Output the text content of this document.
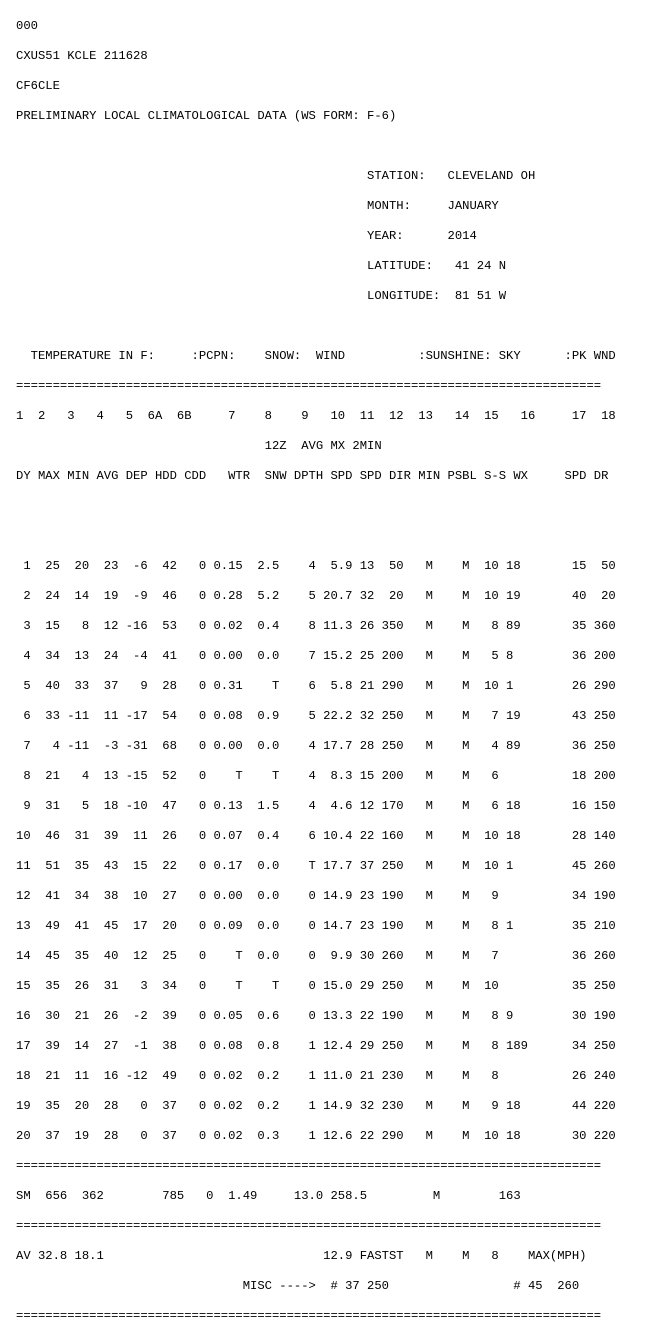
000

CXUS51 KCLE 211628

CF6CLE

PRELIMINARY LOCAL CLIMATOLOGICAL DATA (WS FORM: F-6)

STATION:   CLEVELAND OH

MONTH:     JANUARY

YEAR:      2014

LATITUDE:   41 24 N

LONGITUDE:  81 51 W

TEMPERATURE IN F:     :PCPN:    SNOW:  WIND          :SUNSHINE: SKY      :PK WND

================================================================================

1  2   3   4   5  6A  6B     7    8    9   10  11  12  13   14  15   16     17  18

12Z  AVG MX 2MIN

DY MAX MIN AVG DEP HDD CDD   WTR  SNW DPTH SPD SPD DIR MIN PSBL S-S WX     SPD DR

1  25  20  23  -6  42   0 0.15  2.5    4  5.9 13  50   M    M  10 18       15  50

2  24  14  19  -9  46   0 0.28  5.2    5 20.7 32  20   M    M  10 19       40  20

3  15   8  12 -16  53   0 0.02  0.4    8 11.3 26 350   M    M   8 89       35 360

4  34  13  24  -4  41   0 0.00  0.0    7 15.2 25 200   M    M   5 8        36 200

5  40  33  37   9  28   0 0.31    T    6  5.8 21 290   M    M  10 1        26 290

6  33 -11  11 -17  54   0 0.08  0.9    5 22.2 32 250   M    M   7 19       43 250

7   4 -11  -3 -31  68   0 0.00  0.0    4 17.7 28 250   M    M   4 89       36 250

8  21   4  13 -15  52   0    T    T    4  8.3 15 200   M    M   6          18 200

9  31   5  18 -10  47   0 0.13  1.5    4  4.6 12 170   M    M   6 18       16 150

10  46  31  39  11  26   0 0.07  0.4    6 10.4 22 160   M    M  10 18       28 140

11  51  35  43  15  22   0 0.17  0.0    T 17.7 37 250   M    M  10 1        45 260

12  41  34  38  10  27   0 0.00  0.0    0 14.9 23 190   M    M   9          34 190

13  49  41  45  17  20   0 0.09  0.0    0 14.7 23 190   M    M   8 1        35 210

14  45  35  40  12  25   0    T  0.0    0  9.9 30 260   M    M   7          36 260

15  35  26  31   3  34   0    T    T    0 15.0 29 250   M    M  10          35 250

16  30  21  26  -2  39   0 0.05  0.6    0 13.3 22 190   M    M   8 9        30 190

17  39  14  27  -1  38   0 0.08  0.8    1 12.4 29 250   M    M   8 189      34 250

18  21  11  16 -12  49   0 0.02  0.2    1 11.0 21 230   M    M   8          26 240

19  35  20  28   0  37   0 0.02  0.2    1 14.9 32 230   M    M   9 18       44 220

20  37  19  28   0  37   0 0.02  0.3    1 12.6 22 290   M    M  10 18       30 220

================================================================================

SM  656  362        785   0  1.49     13.0 258.5         M        163

================================================================================

AV 32.8 18.1                              12.9 FASTST   M    M   8    MAX(MPH)

MISC ---->  # 37 250                 # 45  260

================================================================================
